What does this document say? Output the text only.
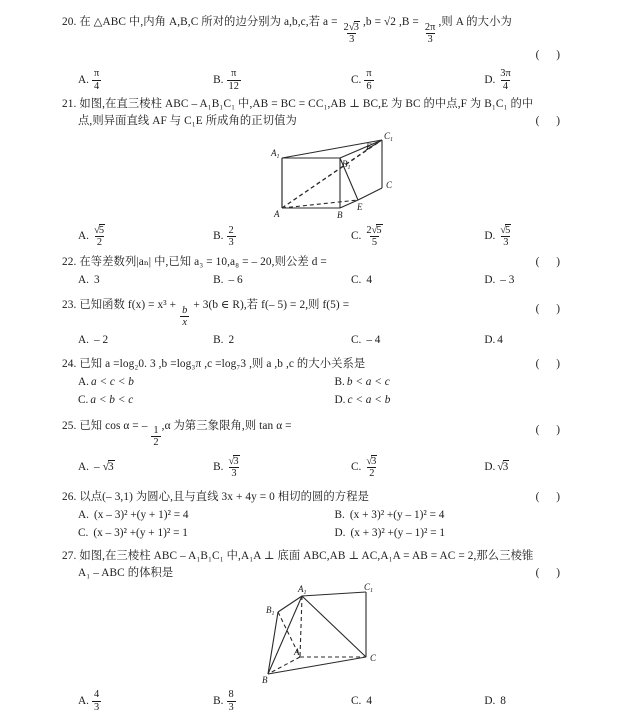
20. 在 △ABC 中,内角 A,B,C 所对的边分别为 a,b,c,若 $a = \frac{2√3}{3} ,b = √2$ $,B = \frac{2\pi}{3}$ ,则 A 的大小为
( )
A. $\frac{\pi}{4}$	B. $\frac{\pi}{12}$	C. $\frac{\pi}{6}$	D. $\frac{3\pi}{4}$
21. 如图,在直三棱柱 ABC – A₁B₁C₁ 中,AB = BC = CC₁,AB ⊥ BC,E 为 BC 的中点,F 为 B₁C₁ 的中
点,则异面直线 AF 与 C₁E 所成角的正切值为	( )
$A_1$
$B_1$
$C_1$
F
A	B
C
E
A. $\frac{√5}{2}$	B. $\frac{2}{3}$	C. $\frac{2√5}{5}$	D. $\frac{√5}{3}$
22. 在等差数列|aₙ| 中,已知 a₃ = 10,a₈ = – 20,则公差 d =	( )
A. 3	B. – 6	C. 4	D. – 3
23. 已知函数 $f(x) = x^3 + \frac{b}{x} + 3(b$ ∈ R),若 f(– 5) = 2,则 f(5) =	( )
A. – 2	B. 2	C. – 4	D. 4
24. 已知 a =log₂0. 3 ,b =log₃π ,c =log₇3 ,则 a ,b ,c 的大小关系是	( )
A. a < c < b	B. b < a < c
C. a < b < c	D. c < a < b
25. 已知 cos α = – $\frac{1}{2} ,\alpha$ 为第三象限角,则 tan α =	( )
A. – √3	B. $\frac{√3}{3}$	C. $\frac{√3}{2}$	D. √3
26. 以点(– 3,1) 为圆心,且与直线 3x + 4y = 0 相切的圆的方程是	( )
A. (x – 3)² +(y + 1)² = 4	B. (x + 3)² +(y – 1)² = 4
C. (x – 3)² +(y + 1)² = 1	D. (x + 3)² +(y – 1)² = 1
27. 如图,在三棱柱 ABC – A₁B₁C₁ 中,A₁A ⊥ 底面 ABC,AB ⊥ AC,A₁A = AB = AC = 2,那么三棱锥
A₁ – ABC 的体积是	( )
$A_1$
$C_1$
$B_1$
A
C
B
A. $\frac{4}{3}$	B. $\frac{8}{3}$	C. 4	D. 8
